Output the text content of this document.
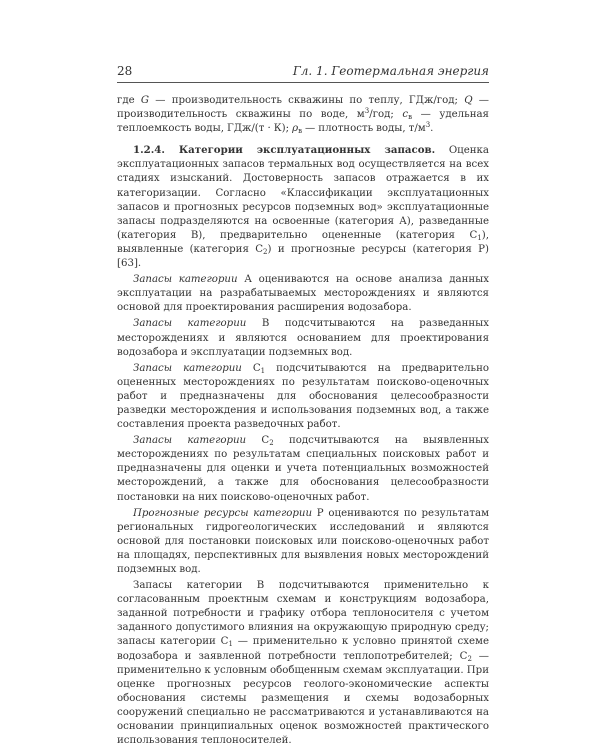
28	Гл. 1. Геотермальная энергия

где G — производительность скважины по теплу, ГДж/год; Q — производительность скважины по воде, $м^3$/год; $c_в$ — удельная теплоемкость воды, ГДж/(т · К); $\rho_в$ — плотность воды, $т/м^3$.

1.2.4. Категории эксплуатационных запасов. Оценка эксплуатационных запасов термальных вод осуществляется на всех стадиях изысканий. Достоверность запасов отражается в их категоризации. Согласно «Классификации эксплуатационных запасов и прогнозных ресурсов подземных вод» эксплуатационные запасы подразделяются на освоенные (категория А), разведанные (категория В), предварительно оцененные (категория $С_1$), выявленные (категория $С_2$) и прогнозные ресурсы (категория Р) [63].

Запасы категории А оцениваются на основе анализа данных эксплуатации на разрабатываемых месторождениях и являются основой для проектирования расширения водозабора.

Запасы категории В подсчитываются на разведанных месторождениях и являются основанием для проектирования водозабора и эксплуатации подземных вод.

Запасы категории $С_1$ подсчитываются на предварительно оцененных месторождениях по результатам поисково-оценочных работ и предназначены для обоснования целесообразности разведки месторождения и использования подземных вод, а также составления проекта разведочных работ.

Запасы категории $С_2$ подсчитываются на выявленных месторождениях по результатам специальных поисковых работ и предназначены для оценки и учета потенциальных возможностей месторождений, а также для обоснования целесообразности постановки на них поисково-оценочных работ.

Прогнозные ресурсы категории Р оцениваются по результатам региональных гидрогеологических исследований и являются основой для постановки поисковых или поисково-оценочных работ на площадях, перспективных для выявления новых месторождений подземных вод.

Запасы категории В подсчитываются применительно к согласованным проектным схемам и конструкциям водозабора, заданной потребности и графику отбора теплоносителя с учетом заданного допустимого влияния на окружающую природную среду; запасы категории $С_1$ — применительно к условно принятой схеме водозабора и заявленной потребности теплопотребителей; $С_2$ — применительно к условным обобщенным схемам эксплуатации. При оценке прогнозных ресурсов геолого-экономические аспекты обоснования системы размещения и схемы водозаборных сооружений специально не рассматриваются и устанавливаются на основании принципиальных оценок возможностей практического использования теплоносителей.
